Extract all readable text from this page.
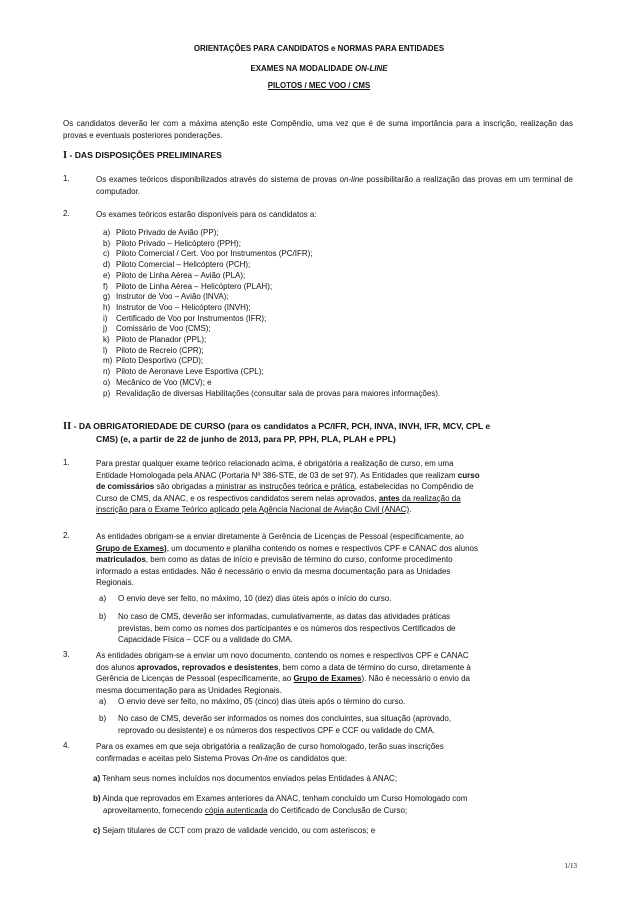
ORIENTAÇÕES PARA CANDIDATOS e NORMAS PARA ENTIDADES
EXAMES NA MODALIDADE ON-LINE
PILOTOS / MEC VOO / CMS
Os candidatos deverão ler com a máxima atenção este Compêndio, uma vez que é de suma importância para a inscrição, realização das provas e eventuais posteriores ponderações.
I - DAS DISPOSIÇÕES PRELIMINARES
1.	Os exames teóricos disponibilizados através do sistema de provas on-line possibilitarão a realização das provas em um terminal de computador.
2.	Os exames teóricos estarão disponíveis para os candidatos a:
a) Piloto Privado de Avião (PP);
b) Piloto Privado – Helicóptero (PPH);
c) Piloto Comercial / Cert. Voo por Instrumentos (PC/IFR);
d) Piloto Comercial – Helicóptero (PCH);
e) Piloto de Linha Aérea – Avião (PLA);
f) Piloto de Linha Aérea – Helicóptero (PLAH);
g) Instrutor de Voo – Avião (INVA);
h) Instrutor de Voo – Helicóptero (INVH);
i) Certificado de Voo por Instrumentos (IFR);
j) Comissário de Voo (CMS);
k) Piloto de Planador (PPL);
l) Piloto de Recreio (CPR);
m) Piloto Desportivo (CPD);
n) Piloto de Aeronave Leve Esportiva (CPL);
o) Mecânico de Voo (MCV); e
p) Revalidação de diversas Habilitações (consultar sala de provas para maiores informações).
II - DA OBRIGATORIEDADE DE CURSO (para os candidatos a PC/IFR, PCH, INVA, INVH, IFR, MCV, CPL e
CMS) (e, a partir de 22 de junho de 2013, para PP, PPH, PLA, PLAH e PPL)
1.	Para prestar qualquer exame teórico relacionado acima, é obrigatória a realização de curso, em uma
Entidade Homologada pela ANAC (Portaria Nº 386-STE, de 03 de set 97). As Entidades que realizam curso
de comissários são obrigadas a ministrar as instruções teórica e prática, estabelecidas no Compêndio de
Curso de CMS, da ANAC, e os respectivos candidatos serem nelas aprovados, antes da realização da
inscrição para o Exame Teórico aplicado pela Agência Nacional de Aviação Civil (ANAC).
2.	As entidades obrigam-se a enviar diretamente à Gerência de Licenças de Pessoal (especificamente, ao
Grupo de Exames), um documento e planilha contendo os nomes e respectivos CPF e CANAC dos alunos
matriculados, bem como as datas de início e previsão de término do curso, conforme procedimento
informado a estas entidades. Não é necessário o envio da mesma documentação para as Unidades
Regionais.
a) O envio deve ser feito, no máximo, 10 (dez) dias úteis após o início do curso.
b) No caso de CMS, deverão ser informadas, cumulativamente, as datas das atividades práticas
previstas, bem como os nomes dos participantes e os números dos respectivos Certificados de
Capacidade Física – CCF ou a validade do CMA.
3.	As entidades obrigam-se a enviar um novo documento, contendo os nomes e respectivos CPF e CANAC
dos alunos aprovados, reprovados e desistentes, bem como a data de término do curso, diretamente à
Gerência de Licenças de Pessoal (especificamente, ao Grupo de Exames). Não é necessário o envio da
mesma documentação para as Unidades Regionais.
a) O envio deve ser feito, no máximo, 05 (cinco) dias úteis após o término do curso.
b) No caso de CMS, deverão ser informados os nomes dos concluintes, sua situação (aprovado,
reprovado ou desistente) e os números dos respectivos CPF e CCF ou validade do CMA.
4.	Para os exames em que seja obrigatória a realização de curso homologado, terão suas inscrições
confirmadas e aceitas pelo Sistema Provas On-line os candidatos que:
a) Tenham seus nomes incluídos nos documentos enviados pelas Entidades à ANAC;
b) Ainda que reprovados em Exames anteriores da ANAC, tenham concluído um Curso Homologado com
aproveitamento, fornecendo cópia autenticada do Certificado de Conclusão de Curso;
c) Sejam titulares de CCT com prazo de validade vencido, ou com asteriscos; e
1/13
